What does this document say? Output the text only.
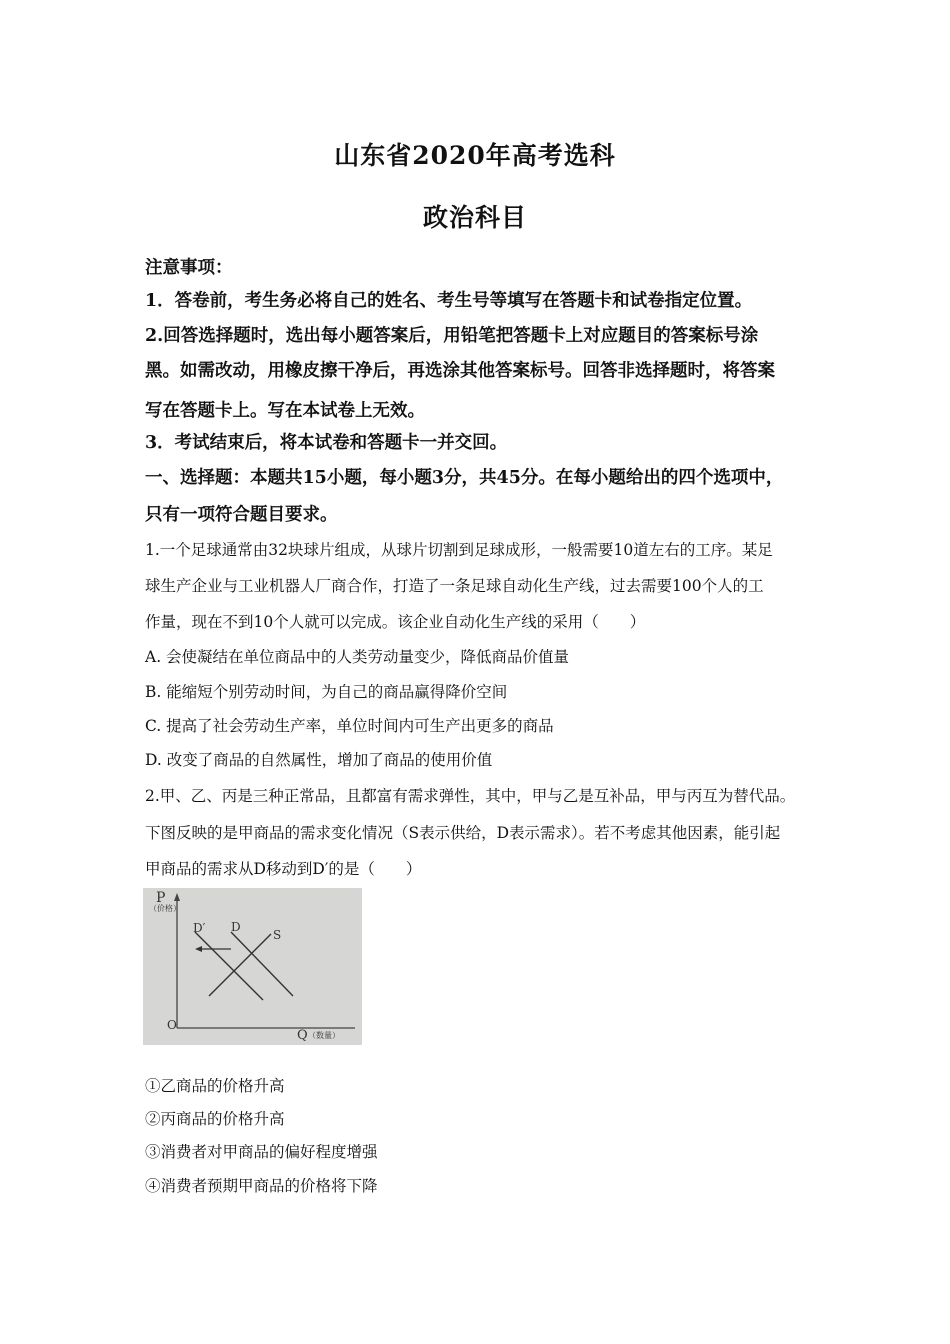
山东省2020年高考选科
政治科目
注意事项：
1．答卷前，考生务必将自己的姓名、考生号等填写在答题卡和试卷指定位置。
2.回答选择题时，选出每小题答案后，用铅笔把答题卡上对应题目的答案标号涂
黑。如需改动，用橡皮擦干净后，再选涂其他答案标号。回答非选择题时，将答案
写在答题卡上。写在本试卷上无效。
3．考试结束后，将本试卷和答题卡一并交回。
一、选择题：本题共15小题，每小题3分，共45分。在每小题给出的四个选项中，
只有一项符合题目要求。
1.一个足球通常由32块球片组成，从球片切割到足球成形，一般需要10道左右的工序。某足
球生产企业与工业机器人厂商合作，打造了一条足球自动化生产线，过去需要100个人的工
作量，现在不到10个人就可以完成。该企业自动化生产线的采用（　　）
A. 会使凝结在单位商品中的人类劳动量变少，降低商品价值量
B. 能缩短个别劳动时间，为自己的商品赢得降价空间
C. 提高了社会劳动生产率，单位时间内可生产出更多的商品
D. 改变了商品的自然属性，增加了商品的使用价值
2.甲、乙、丙是三种正常品，且都富有需求弹性，其中，甲与乙是互补品，甲与丙互为替代品。
下图反映的是甲商品的需求变化情况（S表示供给，D表示需求）。若不考虑其他因素，能引起
甲商品的需求从D移动到D′的是（　　）
P
（价格）
O
Q （数量）
D′ D
S
①乙商品的价格升高
②丙商品的价格升高
③消费者对甲商品的偏好程度增强
④消费者预期甲商品的价格将下降
